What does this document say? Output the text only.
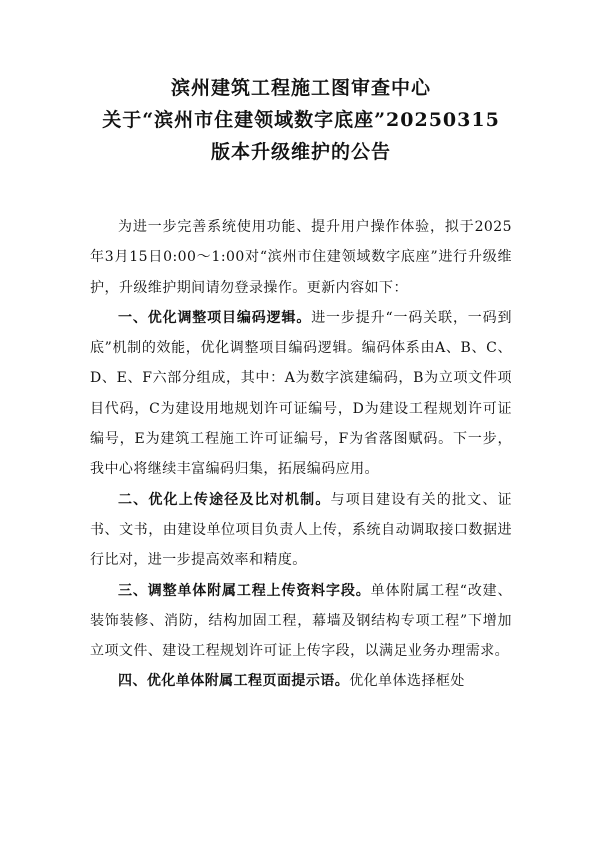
滨州建筑工程施工图审查中心
关于“滨州市住建领域数字底座”20250315
版本升级维护的公告

为进一步完善系统使用功能、提升用户操作体验，拟于2025年3月15日0:00～1:00对“滨州市住建领域数字底座”进行升级维护，升级维护期间请勿登录操作。更新内容如下：

一、优化调整项目编码逻辑。进一步提升“一码关联，一码到底”机制的效能，优化调整项目编码逻辑。编码体系由A、B、C、D、E、F六部分组成，其中：A为数字滨建编码，B为立项文件项目代码，C为建设用地规划许可证编号，D为建设工程规划许可证编号，E为建筑工程施工许可证编号，F为省落图赋码。下一步，我中心将继续丰富编码归集，拓展编码应用。

二、优化上传途径及比对机制。与项目建设有关的批文、证书、文书，由建设单位项目负责人上传，系统自动调取接口数据进行比对，进一步提高效率和精度。

三、调整单体附属工程上传资料字段。单体附属工程“改建、装饰装修、消防，结构加固工程，幕墙及钢结构专项工程”下增加立项文件、建设工程规划许可证上传字段，以满足业务办理需求。

四、优化单体附属工程页面提示语。优化单体选择框处
